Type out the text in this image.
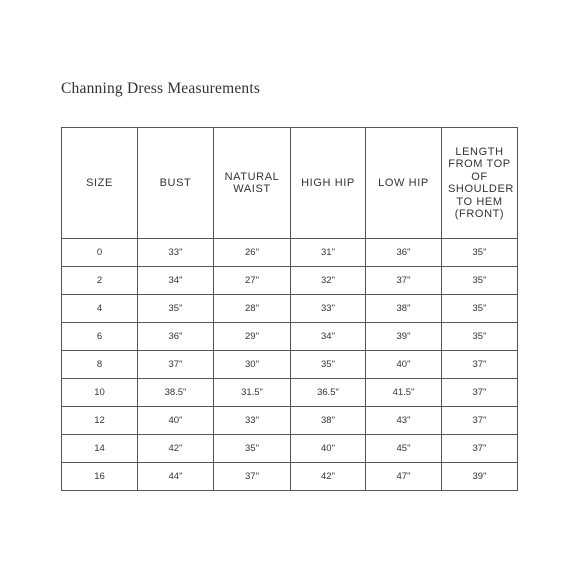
Channing Dress Measurements
SIZE	BUST	NATURAL WAIST	HIGH HIP	LOW HIP	LENGTH FROM TOP OF SHOULDER TO HEM (FRONT)
0	33"	26"	31"	36"	35"
2	34"	27"	32"	37"	35"
4	35"	28"	33"	38"	35"
6	36"	29"	34"	39"	35"
8	37"	30"	35"	40"	37"
10	38.5"	31.5"	36.5"	41.5"	37"
12	40"	33"	38"	43"	37"
14	42"	35"	40"	45"	37"
16	44"	37"	42"	47"	39"
